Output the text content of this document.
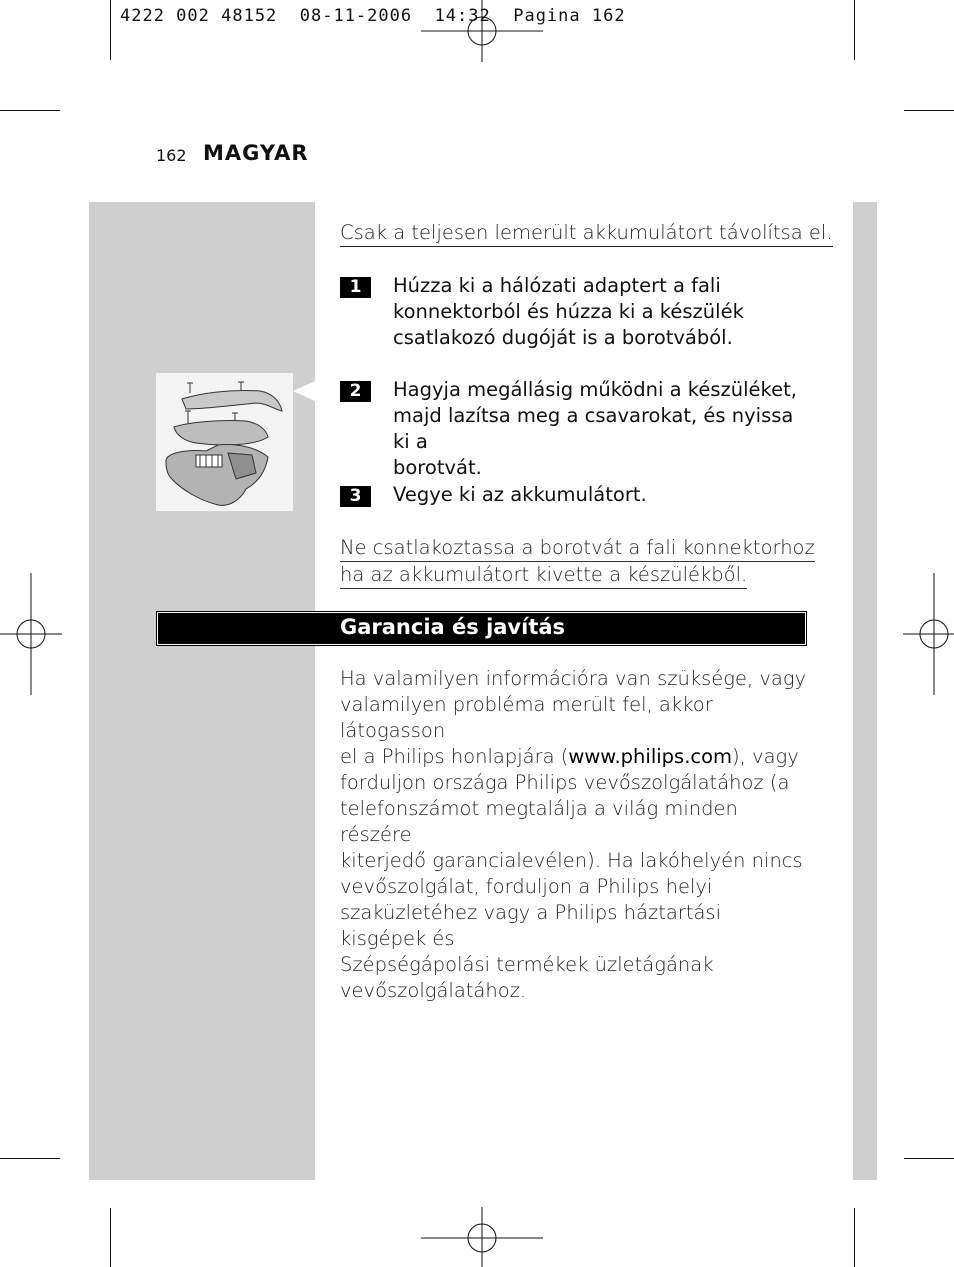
4222 002 48152  08-11-2006  14:32  Pagina 162
162 MAGYAR
Csak a teljesen lemerült akkumulátort távolítsa el.
1	Húzza ki a hálózati adaptert a fali
konnektorból és húzza ki a készülék
csatlakozó dugóját is a borotvából.
2	Hagyja megállásig működni a készüléket,
majd lazítsa meg a csavarokat, és nyissa ki a
borotvát.
3	Vegye ki az akkumulátort.
Ne csatlakoztassa a borotvát a fali konnektorhoz
ha az akkumulátort kivette a készülékből.
Garancia és javítás
Ha valamilyen információra van szüksége, vagy
valamilyen probléma merült fel, akkor látogasson
el a Philips honlapjára (www.philips.com), vagy
forduljon országa Philips vevőszolgálatához (a
telefonszámot megtalálja a világ minden részére
kiterjedő garancialevélen). Ha lakóhelyén nincs
vevőszolgálat, forduljon a Philips helyi
szaküzletéhez vagy a Philips háztartási kisgépek és
Szépségápolási termékek üzletágának
vevőszolgálatához.
